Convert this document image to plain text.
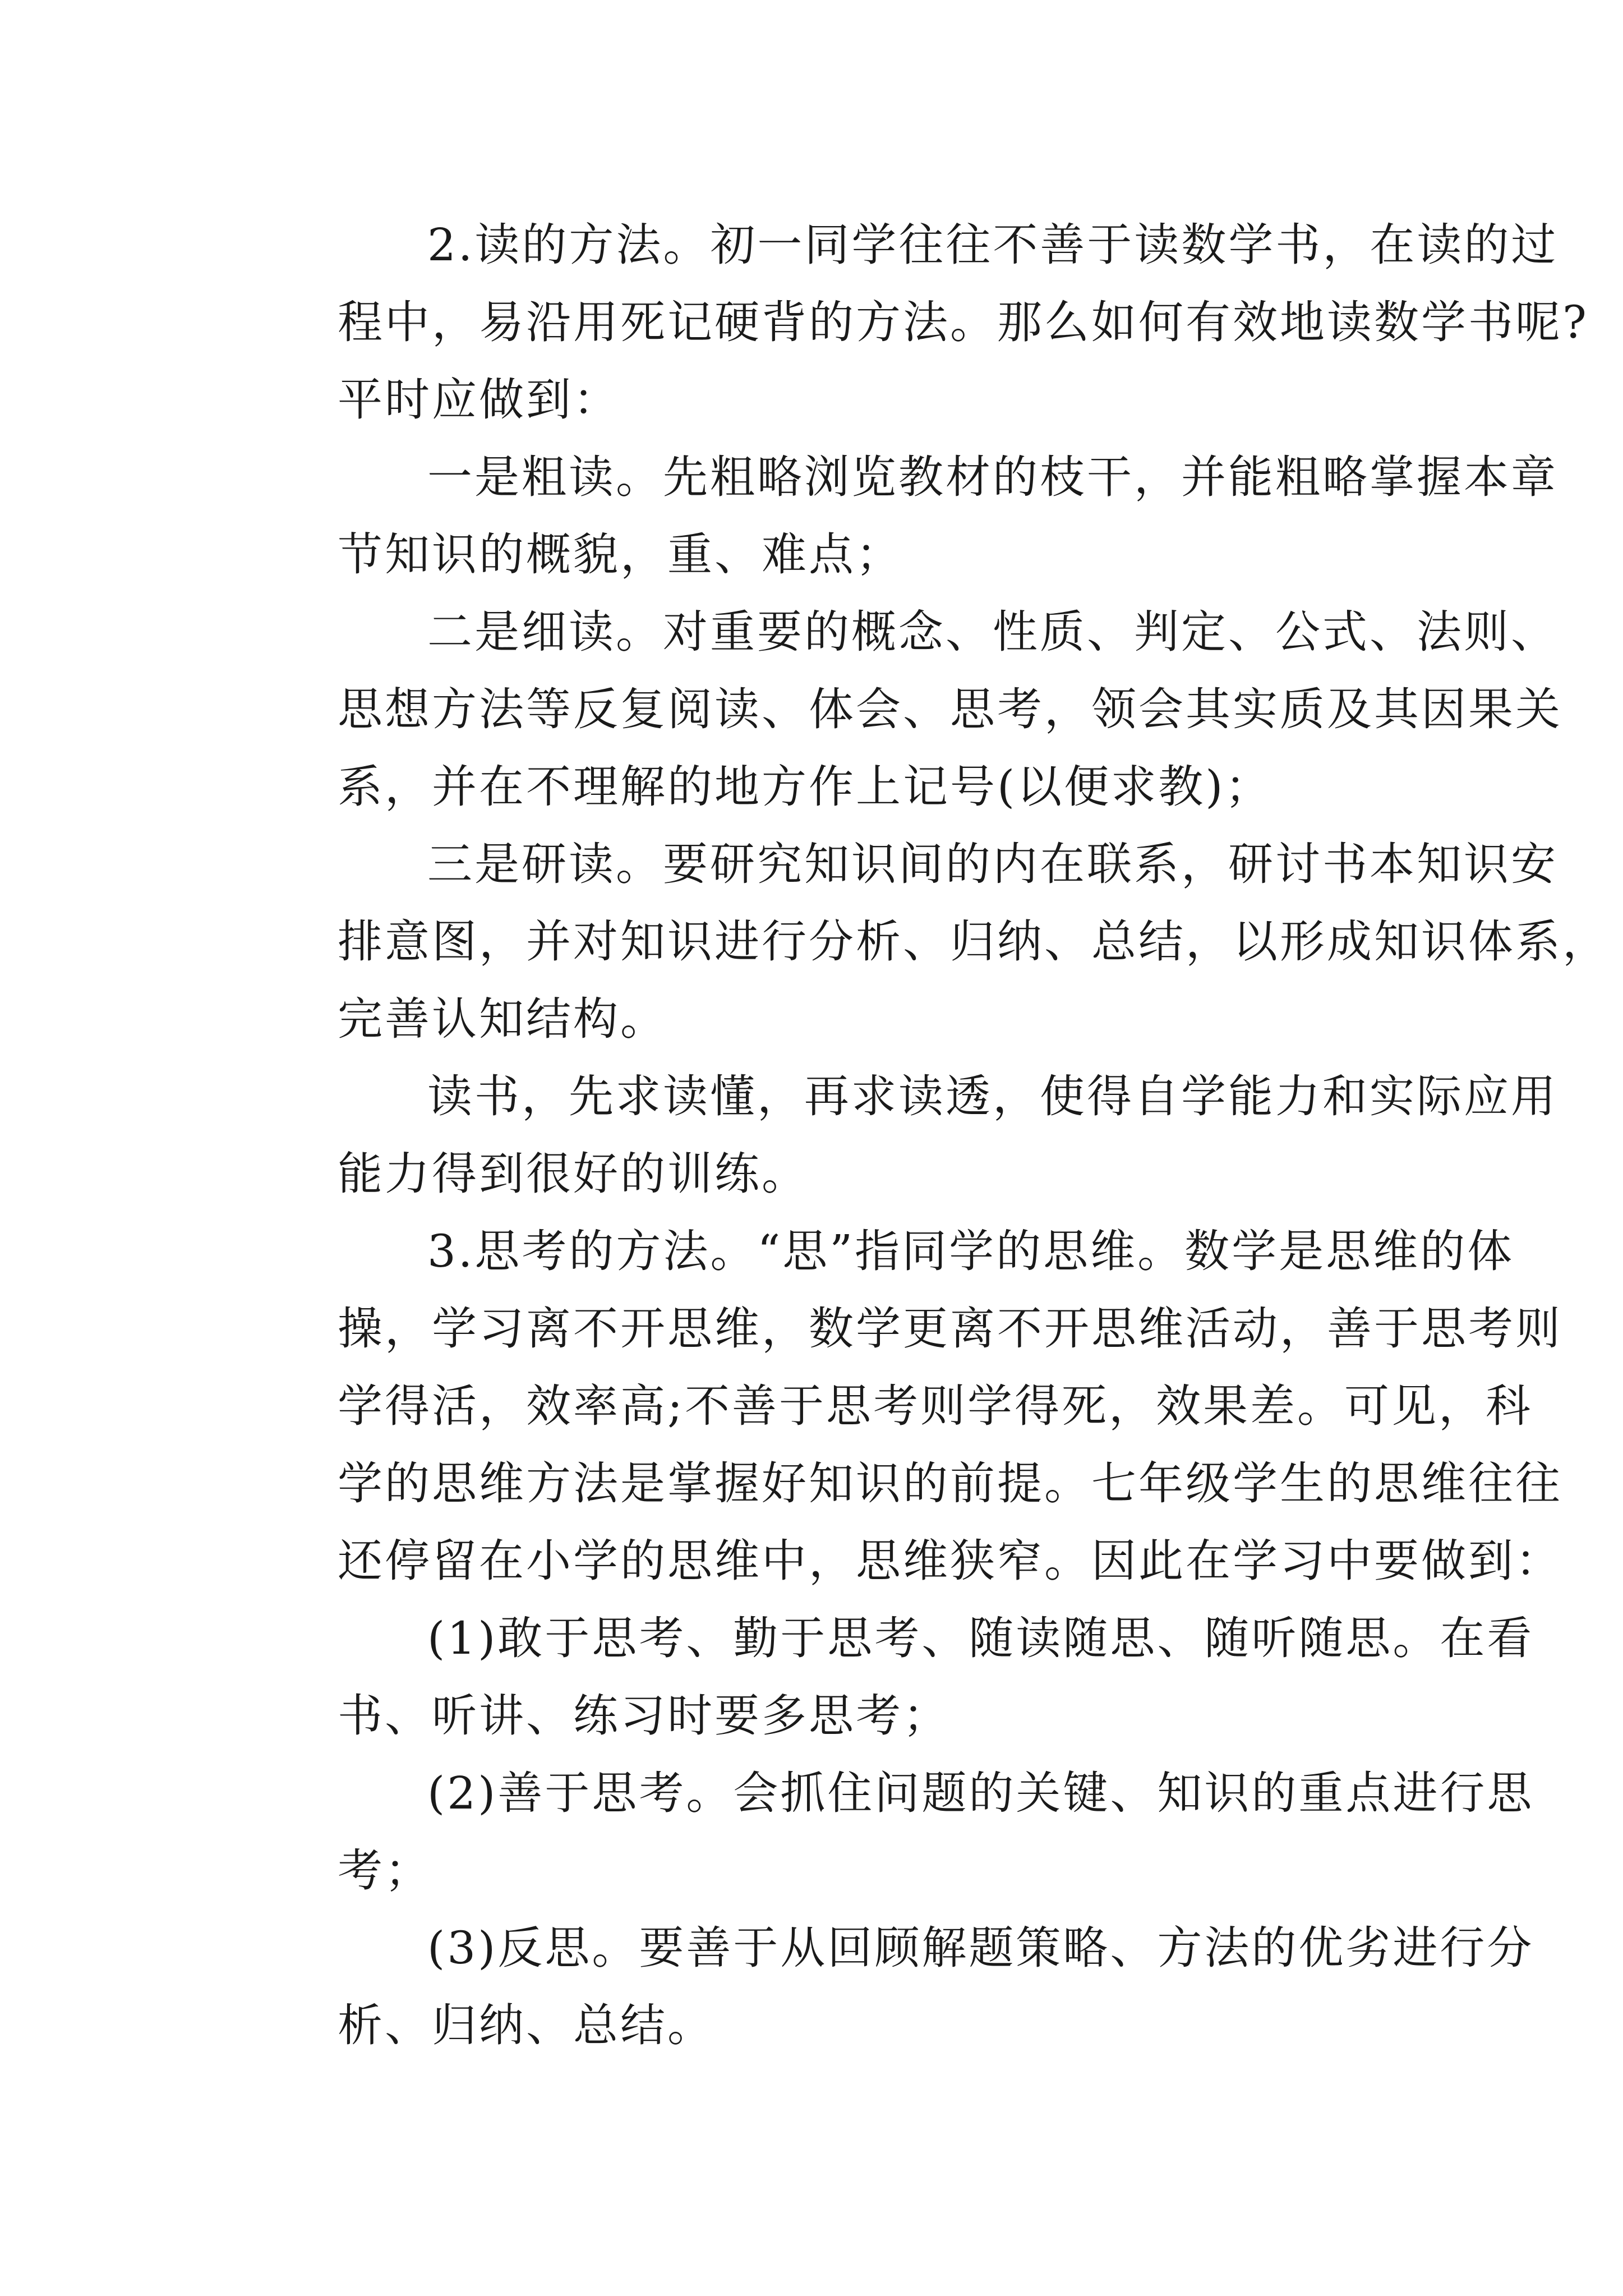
2.读的方法。初一同学往往不善于读数学书，在读的过
程中，易沿用死记硬背的方法。那么如何有效地读数学书呢?
平时应做到：
一是粗读。先粗略浏览教材的枝干，并能粗略掌握本章
节知识的概貌，重、难点；
二是细读。对重要的概念、性质、判定、公式、法则、
思想方法等反复阅读、体会、思考，领会其实质及其因果关
系，并在不理解的地方作上记号(以便求教)；
三是研读。要研究知识间的内在联系，研讨书本知识安
排意图，并对知识进行分析、归纳、总结，以形成知识体系，
完善认知结构。
读书，先求读懂，再求读透，使得自学能力和实际应用
能力得到很好的训练。
3.思考的方法。“思”指同学的思维。数学是思维的体
操，学习离不开思维，数学更离不开思维活动，善于思考则
学得活，效率高;不善于思考则学得死，效果差。可见，科
学的思维方法是掌握好知识的前提。七年级学生的思维往往
还停留在小学的思维中，思维狭窄。因此在学习中要做到：
(1)敢于思考、勤于思考、随读随思、随听随思。在看
书、听讲、练习时要多思考；
(2)善于思考。会抓住问题的关键、知识的重点进行思
考；
(3)反思。要善于从回顾解题策略、方法的优劣进行分
析、归纳、总结。
